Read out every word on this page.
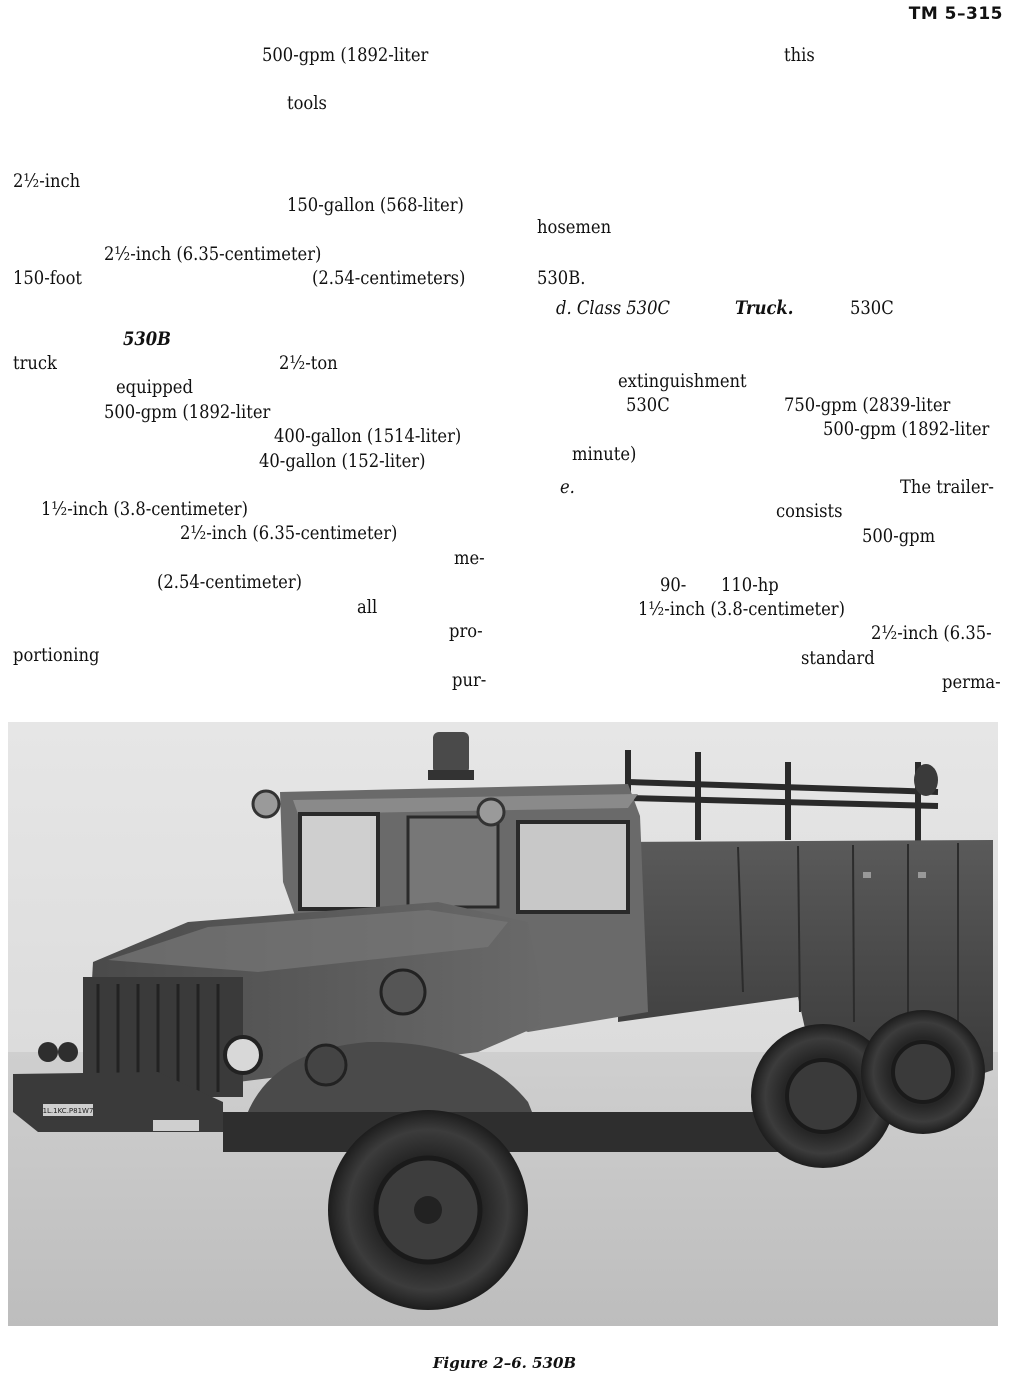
TM 5–315
500-gpm (1892-liter
tools
2½-inch
150-gallon (568-liter)
2½-inch (6.35-centimeter)
150-foot	(2.54-centimeters)
530B
truck	2½-ton
equipped
500-gpm (1892-liter
400-gallon (1514-liter)
40-gallon (152-liter)
1½-inch (3.8-centimeter)
2½-inch (6.35-centimeter)
me-
(2.54-centimeter)
all
pro-
portioning
pur-
this
hosemen
530B.
d. Class 530C	Truck.	530C
extinguishment
530C	750-gpm (2839-liter
500-gpm (1892-liter
minute)
e.	The trailer-
consists
500-gpm
90- 110-hp
1½-inch (3.8-centimeter)
2½-inch (6.35-
standard
perma-
1L.1KC.P81W7
Figure 2–6. 530B
